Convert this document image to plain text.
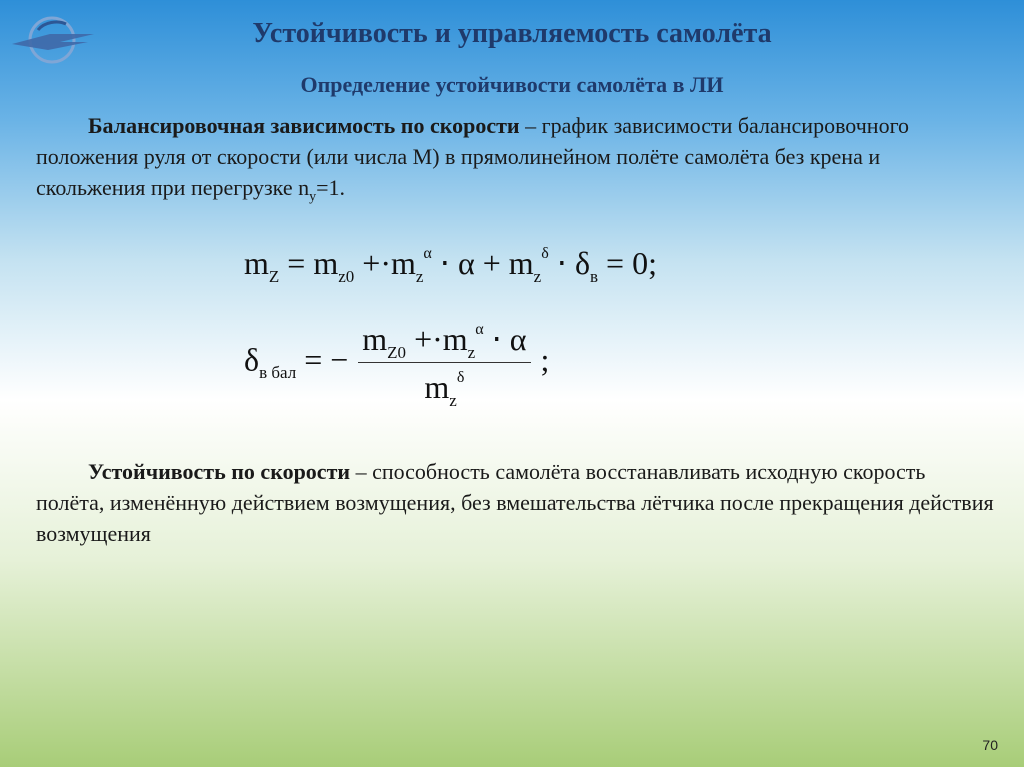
Устойчивость и управляемость самолёта
Определение устойчивости самолёта в ЛИ
Балансировочная зависимость по скорости – график зависимости балансировочного положения руля от скорости (или числа М) в прямолинейном полёте самолёта без крена и скольжения при перегрузке $n_y=1$.
$m_Z = m_{z0} +\cdot m_z^\alpha \cdot \alpha + m_z^\delta \cdot \delta_в = 0$;
$\delta_{в бал}$ = − $\frac{m_{Z0} +\cdot m_z^\alpha \cdot \alpha}{m_z^\delta}$ ;
Устойчивость по скорости – способность самолёта восстанавливать исходную скорость полёта, изменённую действием возмущения, без вмешательства лётчика после прекращения действия возмущения
70
